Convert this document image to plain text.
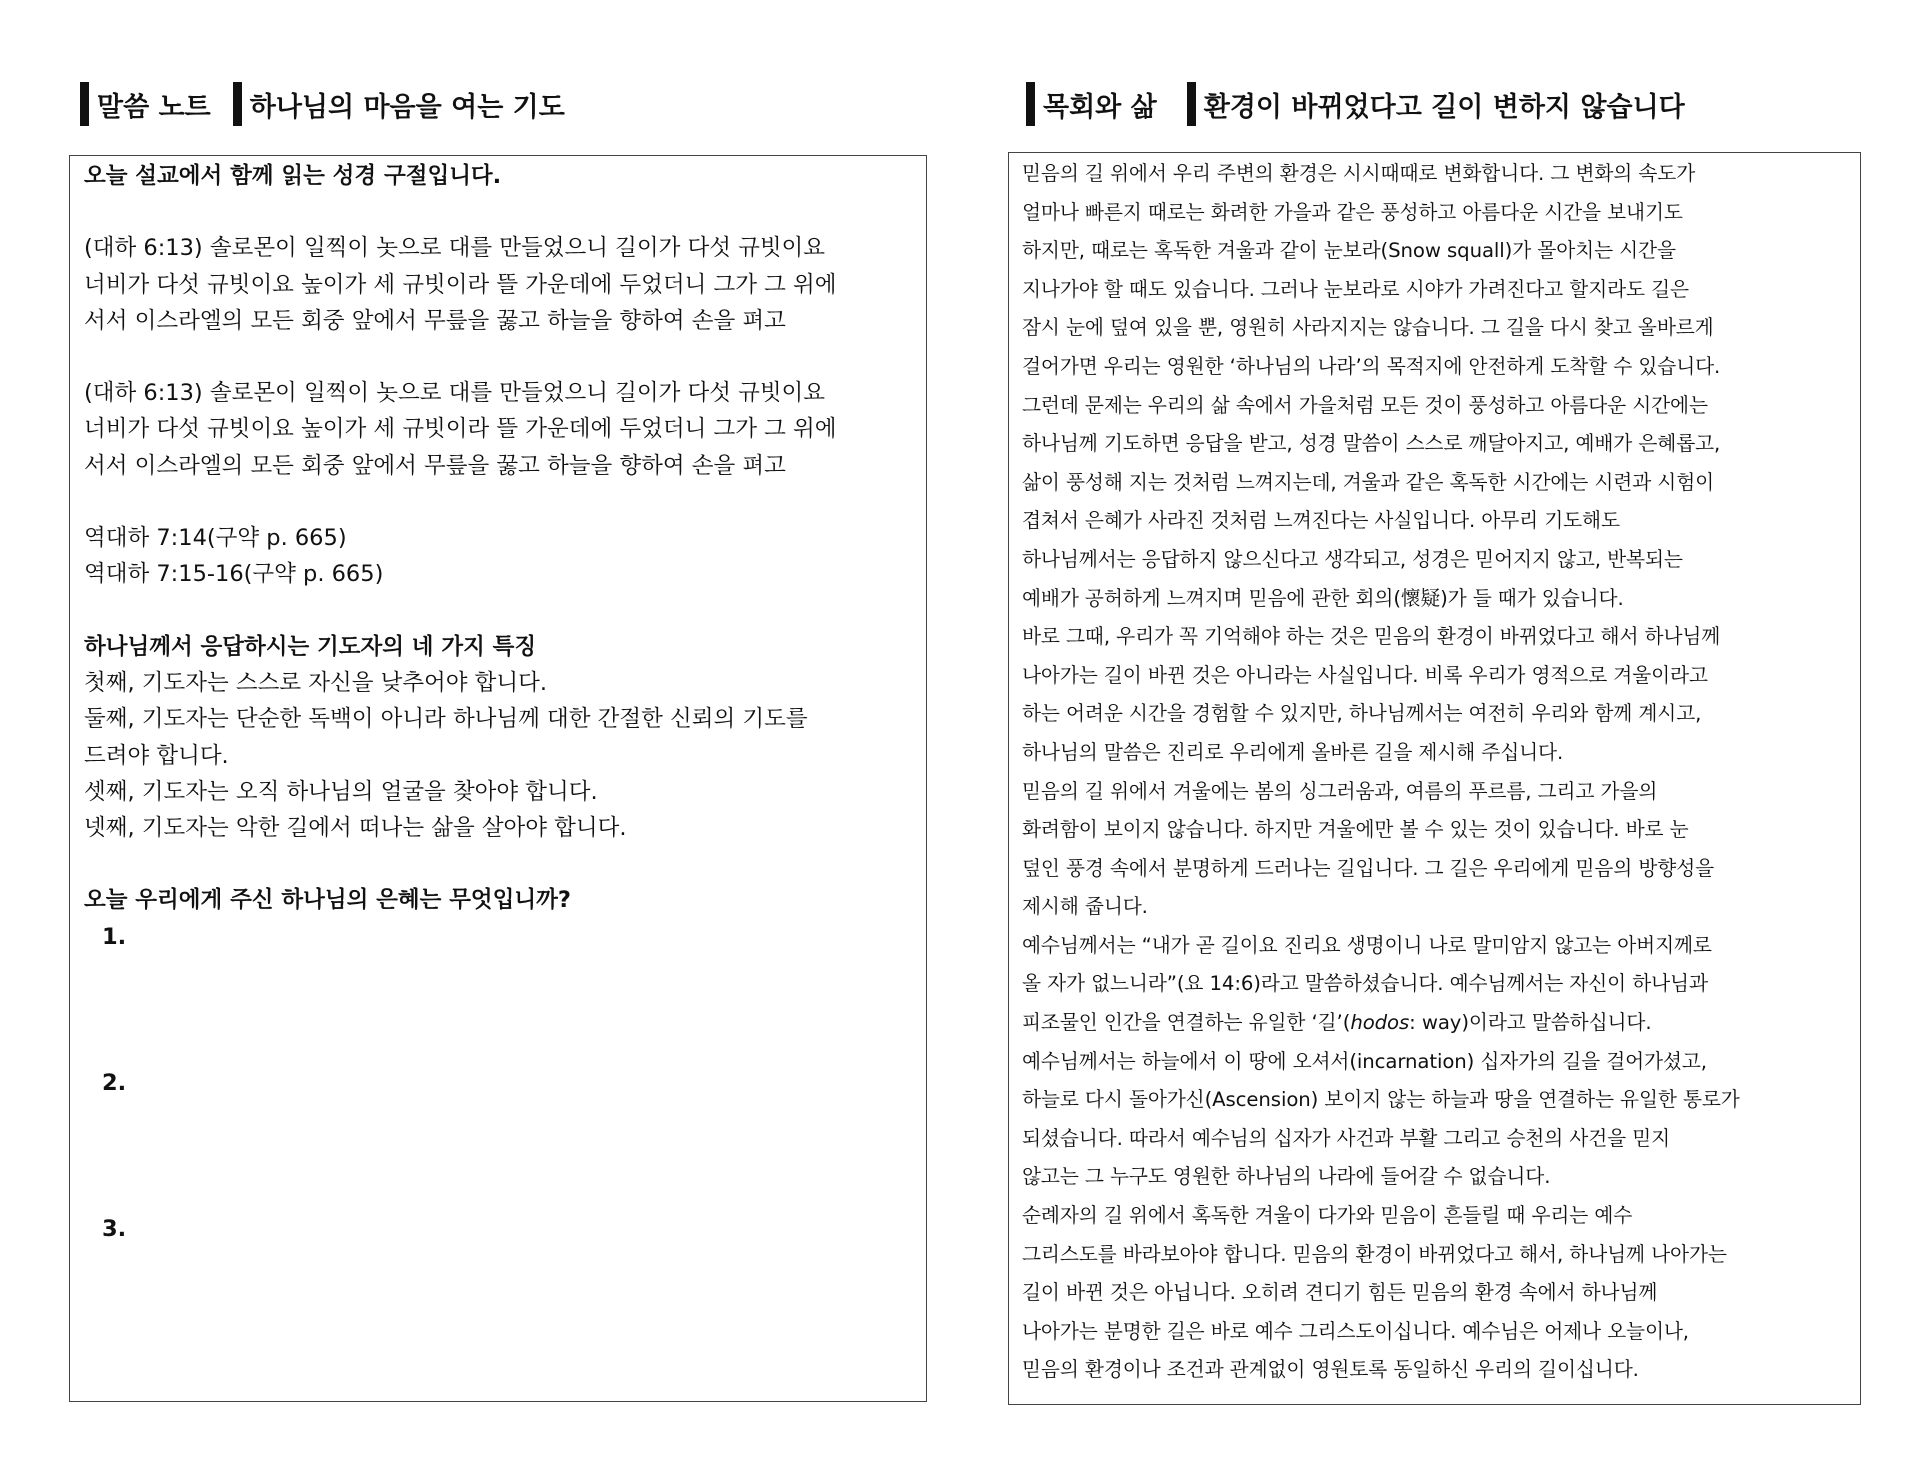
말씀 노트 하나님의 마음을 여는 기도	목회와 삶 환경이 바뀌었다고 길이 변하지 않습니다

오늘 설교에서 함께 읽는 성경 구절입니다.

(대하 6:13) 솔로몬이 일찍이 놋으로 대를 만들었으니 길이가 다섯 규빗이요

너비가 다섯 규빗이요 높이가 세 규빗이라 뜰 가운데에 두었더니 그가 그 위에

서서 이스라엘의 모든 회중 앞에서 무릎을 꿇고 하늘을 향하여 손을 펴고

(대하 6:13) 솔로몬이 일찍이 놋으로 대를 만들었으니 길이가 다섯 규빗이요

너비가 다섯 규빗이요 높이가 세 규빗이라 뜰 가운데에 두었더니 그가 그 위에

서서 이스라엘의 모든 회중 앞에서 무릎을 꿇고 하늘을 향하여 손을 펴고

역대하 7:14(구약 p. 665)

역대하 7:15-16(구약 p. 665)

하나님께서 응답하시는 기도자의 네 가지 특징

첫째, 기도자는 스스로 자신을 낮추어야 합니다.

둘째, 기도자는 단순한 독백이 아니라 하나님께 대한 간절한 신뢰의 기도를

드려야 합니다.

셋째, 기도자는 오직 하나님의 얼굴을 찾아야 합니다.

넷째, 기도자는 악한 길에서 떠나는 삶을 살아야 합니다.

오늘 우리에게 주신 하나님의 은혜는 무엇입니까?

1.

2.

3.

믿음의 길 위에서 우리 주변의 환경은 시시때때로 변화합니다. 그 변화의 속도가

얼마나 빠른지 때로는 화려한 가을과 같은 풍성하고 아름다운 시간을 보내기도

하지만, 때로는 혹독한 겨울과 같이 눈보라(Snow squall)가 몰아치는 시간을

지나가야 할 때도 있습니다. 그러나 눈보라로 시야가 가려진다고 할지라도 길은

잠시 눈에 덮여 있을 뿐, 영원히 사라지지는 않습니다. 그 길을 다시 찾고 올바르게

걸어가면 우리는 영원한 ‘하나님의 나라’의 목적지에 안전하게 도착할 수 있습니다.

그런데 문제는 우리의 삶 속에서 가을처럼 모든 것이 풍성하고 아름다운 시간에는

하나님께 기도하면 응답을 받고, 성경 말씀이 스스로 깨달아지고, 예배가 은혜롭고,

삶이 풍성해 지는 것처럼 느껴지는데, 겨울과 같은 혹독한 시간에는 시련과 시험이

겹쳐서 은혜가 사라진 것처럼 느껴진다는 사실입니다. 아무리 기도해도

하나님께서는 응답하지 않으신다고 생각되고, 성경은 믿어지지 않고, 반복되는

예배가 공허하게 느껴지며 믿음에 관한 회의(懷疑)가 들 때가 있습니다.

바로 그때, 우리가 꼭 기억해야 하는 것은 믿음의 환경이 바뀌었다고 해서 하나님께

나아가는 길이 바뀐 것은 아니라는 사실입니다. 비록 우리가 영적으로 겨울이라고

하는 어려운 시간을 경험할 수 있지만, 하나님께서는 여전히 우리와 함께 계시고,

하나님의 말씀은 진리로 우리에게 올바른 길을 제시해 주십니다.

믿음의 길 위에서 겨울에는 봄의 싱그러움과, 여름의 푸르름, 그리고 가을의

화려함이 보이지 않습니다. 하지만 겨울에만 볼 수 있는 것이 있습니다. 바로 눈

덮인 풍경 속에서 분명하게 드러나는 길입니다. 그 길은 우리에게 믿음의 방향성을

제시해 줍니다.

예수님께서는 “내가 곧 길이요 진리요 생명이니 나로 말미암지 않고는 아버지께로

올 자가 없느니라”(요 14:6)라고 말씀하셨습니다. 예수님께서는 자신이 하나님과

피조물인 인간을 연결하는 유일한 ‘길’(hodos: way)이라고 말씀하십니다.

예수님께서는 하늘에서 이 땅에 오셔서(incarnation) 십자가의 길을 걸어가셨고,

하늘로 다시 돌아가신(Ascension) 보이지 않는 하늘과 땅을 연결하는 유일한 통로가

되셨습니다. 따라서 예수님의 십자가 사건과 부활 그리고 승천의 사건을 믿지

않고는 그 누구도 영원한 하나님의 나라에 들어갈 수 없습니다.

순례자의 길 위에서 혹독한 겨울이 다가와 믿음이 흔들릴 때 우리는 예수

그리스도를 바라보아야 합니다. 믿음의 환경이 바뀌었다고 해서, 하나님께 나아가는

길이 바뀐 것은 아닙니다. 오히려 견디기 힘든 믿음의 환경 속에서 하나님께

나아가는 분명한 길은 바로 예수 그리스도이십니다. 예수님은 어제나 오늘이나,

믿음의 환경이나 조건과 관계없이 영원토록 동일하신 우리의 길이십니다.
